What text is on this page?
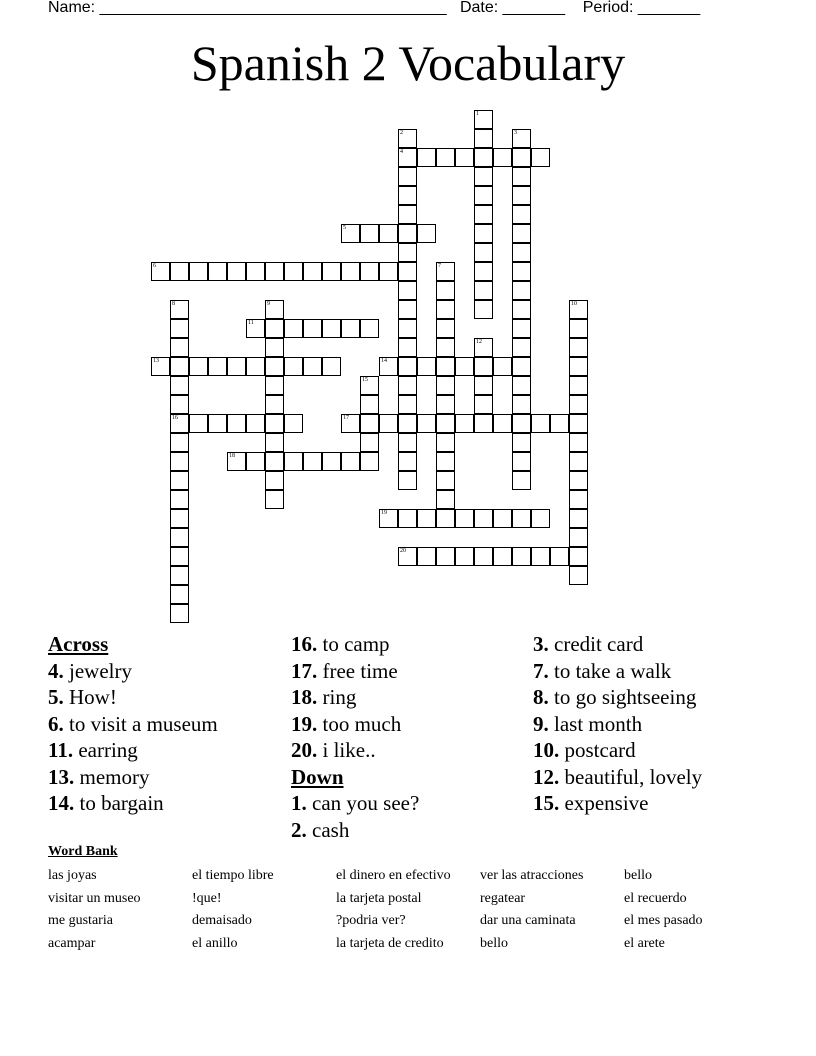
Name: _______________________________________ Date: _______ Period: _______
Spanish 2 Vocabulary
1
2
4
3
5
6	7
8
16
9	10
11
12
13	14
15
17
18
19
20
Across
4. jewelry
5. How!
6. to visit a museum
11. earring
13. memory
14. to bargain
16. to camp
17. free time
18. ring
19. too much
20. i like..
Down
1. can you see?
2. cash
3. credit card
7. to take a walk
8. to go sightseeing
9. last month
10. postcard
12. beautiful, lovely
15. expensive
Word Bank
las joyas	el tiempo libre	el dinero en efectivo	ver las atracciones	bello
visitar un museo	!que!	la tarjeta postal	regatear	el recuerdo
me gustaria	demaisado	?podria ver?	dar una caminata	el mes pasado
acampar	el anillo	la tarjeta de credito	bello	el arete
